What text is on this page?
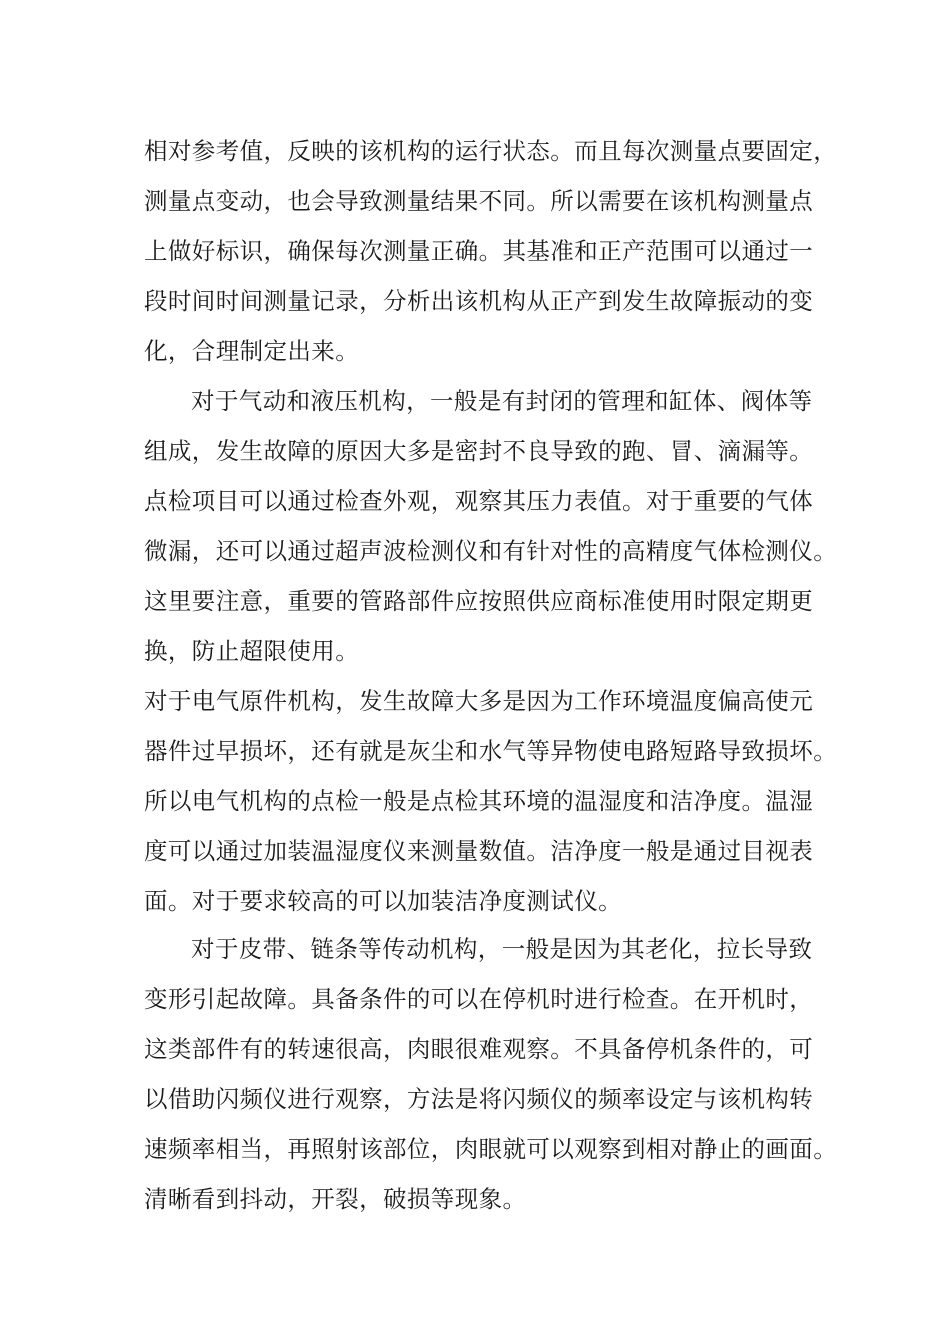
相对参考值，反映的该机构的运行状态。而且每次测量点要固定，
测量点变动，也会导致测量结果不同。所以需要在该机构测量点
上做好标识，确保每次测量正确。其基准和正产范围可以通过一
段时间时间测量记录，分析出该机构从正产到发生故障振动的变
化，合理制定出来。
对于气动和液压机构，一般是有封闭的管理和缸体、阀体等
组成，发生故障的原因大多是密封不良导致的跑、冒、滴漏等。
点检项目可以通过检查外观，观察其压力表值。对于重要的气体
微漏，还可以通过超声波检测仪和有针对性的高精度气体检测仪。
这里要注意，重要的管路部件应按照供应商标准使用时限定期更
换，防止超限使用。
对于电气原件机构，发生故障大多是因为工作环境温度偏高使元
器件过早损坏，还有就是灰尘和水气等异物使电路短路导致损坏。
所以电气机构的点检一般是点检其环境的温湿度和洁净度。温湿
度可以通过加装温湿度仪来测量数值。洁净度一般是通过目视表
面。对于要求较高的可以加装洁净度测试仪。
对于皮带、链条等传动机构，一般是因为其老化，拉长导致
变形引起故障。具备条件的可以在停机时进行检查。在开机时，
这类部件有的转速很高，肉眼很难观察。不具备停机条件的，可
以借助闪频仪进行观察，方法是将闪频仪的频率设定与该机构转
速频率相当，再照射该部位，肉眼就可以观察到相对静止的画面。
清晰看到抖动，开裂，破损等现象。
